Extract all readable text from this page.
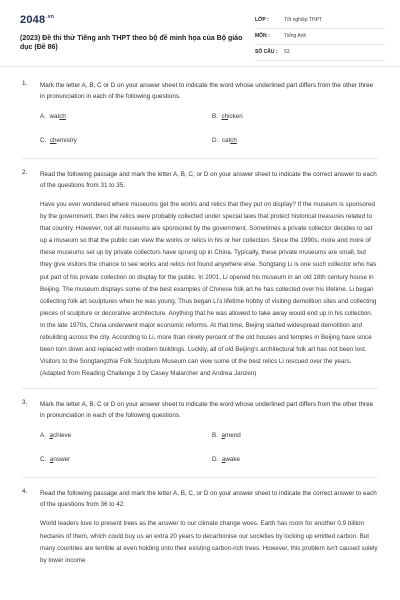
$2048^{.vn}$
(2023) Đề thi thử Tiếng anh THPT theo bộ đề minh họa của Bộ giáo dục (Đề 86)
LỚP :	Tốt nghiệp THPT
MÔN :	Tiếng Anh
SỐ CÂU : 53
1. Mark the letter A, B, C or D on your answer sheet to indicate the word whose underlined part differs from the other three in pronunciation in each of the following questions.
A. watch	B. chicken
C. chemistry	D. catch
2. Read the following passage and mark the letter A, B, C, or D on your answer sheet to indicate the correct answer to each of the questions from 31 to 35.
Have you ever wondered where museums get the works and relics that they put on display? If the museum is sponsored by the government, then the relics were probably collected under special laws that protect historical treasures related to that country. However, not all museums are sponsored by the government. Sometimes a private collector decides to set up a museum so that the public can view the works or relics in his or her collection. Since the 1990s, more and more of these museums set up by private collectors have sprung up in China. Typically, these private museums are small, but they give visitors the chance to see works and relics not found anywhere else. Songtang Li is one such collector who has put part of his private collection on display for the public. In 2001, Li opened his museum in an old 18th century house in Beijing. The museum displays some of the best examples of Chinese folk art he has collected over his lifetime. Li began collecting folk art sculptures when he was young. Thus began Li's lifetime hobby of visiting demolition sites and collecting pieces of sculpture or decorative architecture. Anything that he was allowed to take away would end up in his collection. In the late 1970s, China underwent major economic reforms. At that time, Beijing started widespread demolition and rebuilding across the city. According to Li, more than ninety percent of the old houses and temples in Beijing have since been torn down and replaced with modern buildings. Luckily, all of old Beijing's architectural folk art has not been lost. Visitors to the Songtangzhai Folk Sculpture Museum can view some of the best relics Li rescued over the years. (Adapted from Reading Challenge 3 by Casey Malarcher and Andrea Janzen)
3. Mark the letter A, B, C or D on your answer sheet to indicate the word whose underlined part differs from the other three in pronunciation in each of the following questions.
A. achieve	B. amend
C. answer	D. awake
4. Read the following passage and mark the letter A, B, C, or D on your answer sheet to indicate the correct answer to each of the questions from 36 to 42.
World leaders love to present trees as the answer to our climate change woes. Earth has room for another 0.9 billion hectares of them, which could buy us an extra 20 years to decarbonise our societies by locking up emitted carbon. But many countries are terrible at even holding onto their existing carbon-rich trees. However, this problem isn't caused solely by lower income
